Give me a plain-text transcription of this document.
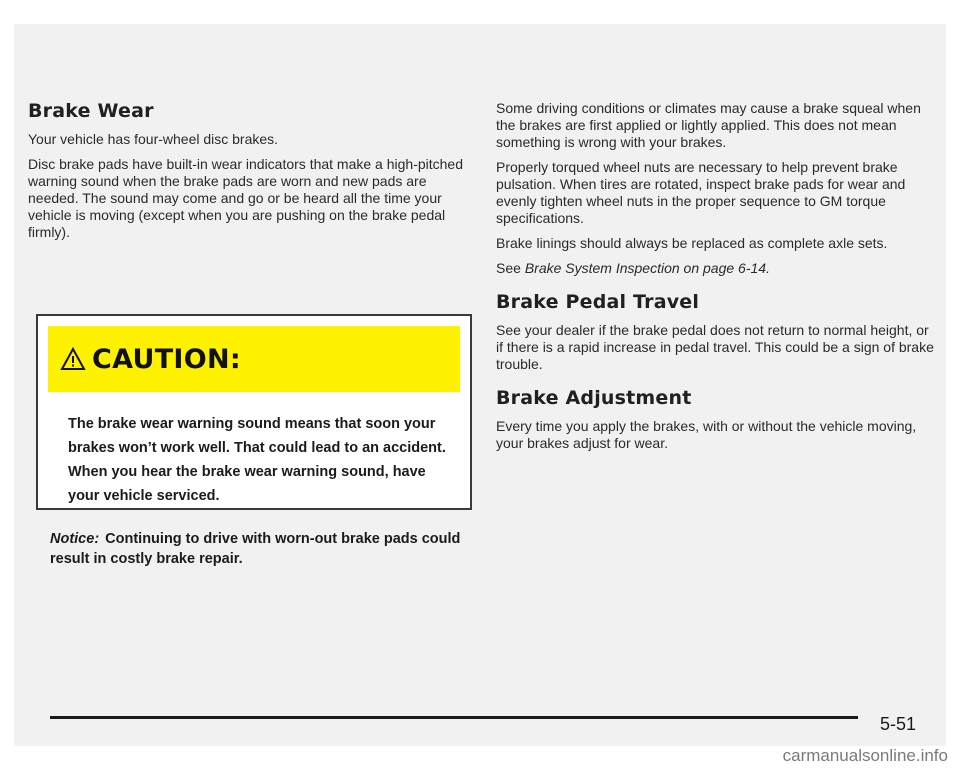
Brake Wear

Your vehicle has four-wheel disc brakes.

Disc brake pads have built-in wear indicators that make a high-pitched warning sound when the brake pads are worn and new pads are needed. The sound may come and go or be heard all the time your vehicle is moving (except when you are pushing on the brake pedal firmly).

CAUTION:
The brake wear warning sound means that soon your brakes won’t work well. That could lead to an accident. When you hear the brake wear warning sound, have your vehicle serviced.
Notice: Continuing to drive with worn-out brake pads could result in costly brake repair.

Some driving conditions or climates may cause a brake squeal when the brakes are first applied or lightly applied. This does not mean something is wrong with your brakes.

Properly torqued wheel nuts are necessary to help prevent brake pulsation. When tires are rotated, inspect brake pads for wear and evenly tighten wheel nuts in the proper sequence to GM torque specifications.

Brake linings should always be replaced as complete axle sets.

See Brake System Inspection on page 6-14.

Brake Pedal Travel

See your dealer if the brake pedal does not return to normal height, or if there is a rapid increase in pedal travel. This could be a sign of brake trouble.

Brake Adjustment

Every time you apply the brakes, with or without the vehicle moving, your brakes adjust for wear.

5-51
carmanualsonline.info
